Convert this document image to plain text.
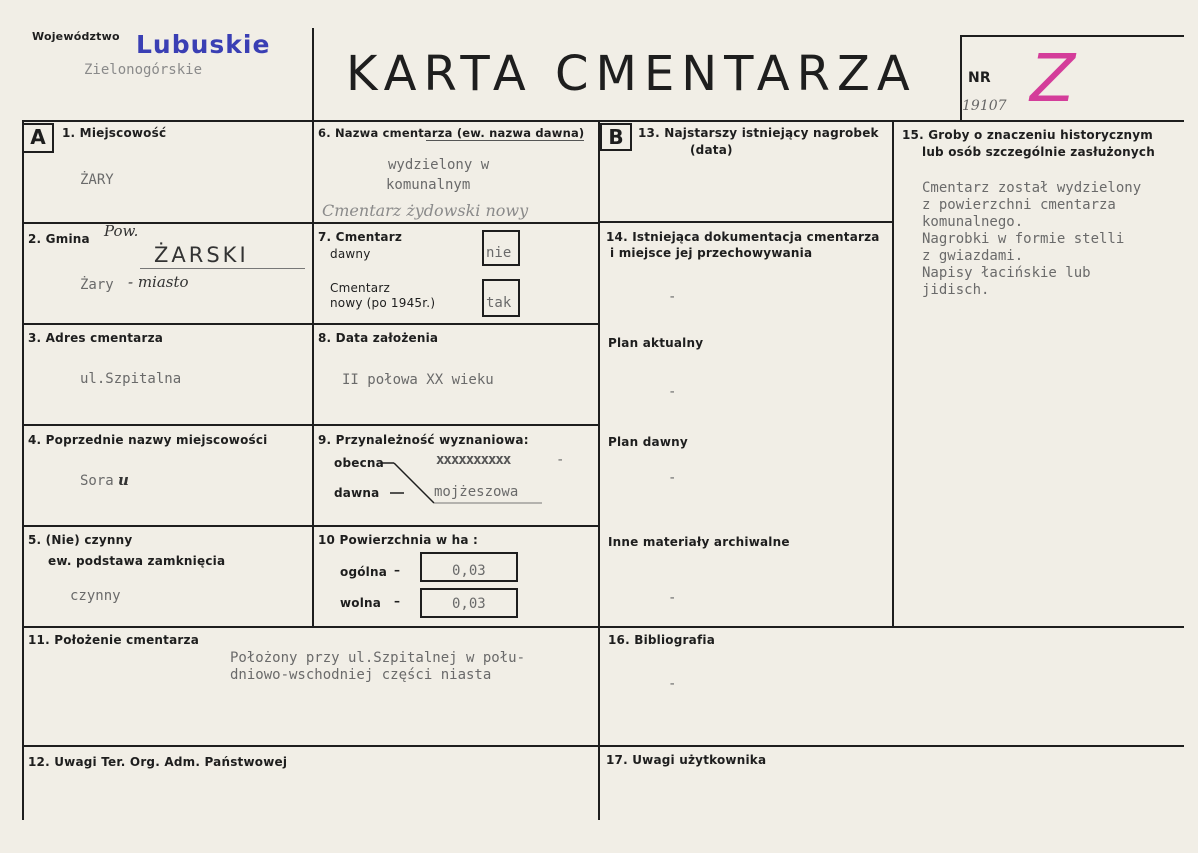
Województwo Lubuskie
Zielonogórskie	KARTA CMENTARZA	NR
19107 Z
A	1. Miejscowość
ŻARY
2. Gmina Pow.
ŻARSKI
Żary - miasto
3. Adres cmentarza
ul.Szpitalna
4. Poprzednie nazwy miejscowości
Sora u
5. (Nie) czynny
ew. podstawa zamknięcia
czynny
6. Nazwa cmentarza (ew. nazwa dawna)
wydzielony w
komunalnym
Cmentarz żydowski nowy
7. Cmentarz
dawny	nie
Cmentarz
nowy (po 1945r.)	tak
8. Data założenia
II połowa XX wieku
9. Przynależność wyznaniowa:
obecna	xxxxxxxxxx	-
dawna	mojżeszowa
10 Powierzchnia w ha :
ogólna –	0,03
wolna –	0,03
11. Położenie cmentarza
Położony przy ul.Szpitalnej w połu-
dniowo-wschodniej części niasta
12. Uwagi Ter. Org. Adm. Państwowej
B	13. Najstarszy istniejący nagrobek
(data)
14. Istniejąca dokumentacja cmentarza
i miejsce jej przechowywania
-
Plan aktualny
-
Plan dawny
-
Inne materiały archiwalne
-
15. Groby o znaczeniu historycznym
lub osób szczególnie zasłużonych
Cmentarz został wydzielony
z powierzchni cmentarza
komunalnego.
Nagrobki w formie stelli
z gwiazdami.
Napisy łacińskie lub
jidisch.
16. Bibliografia
-
17. Uwagi użytkownika
